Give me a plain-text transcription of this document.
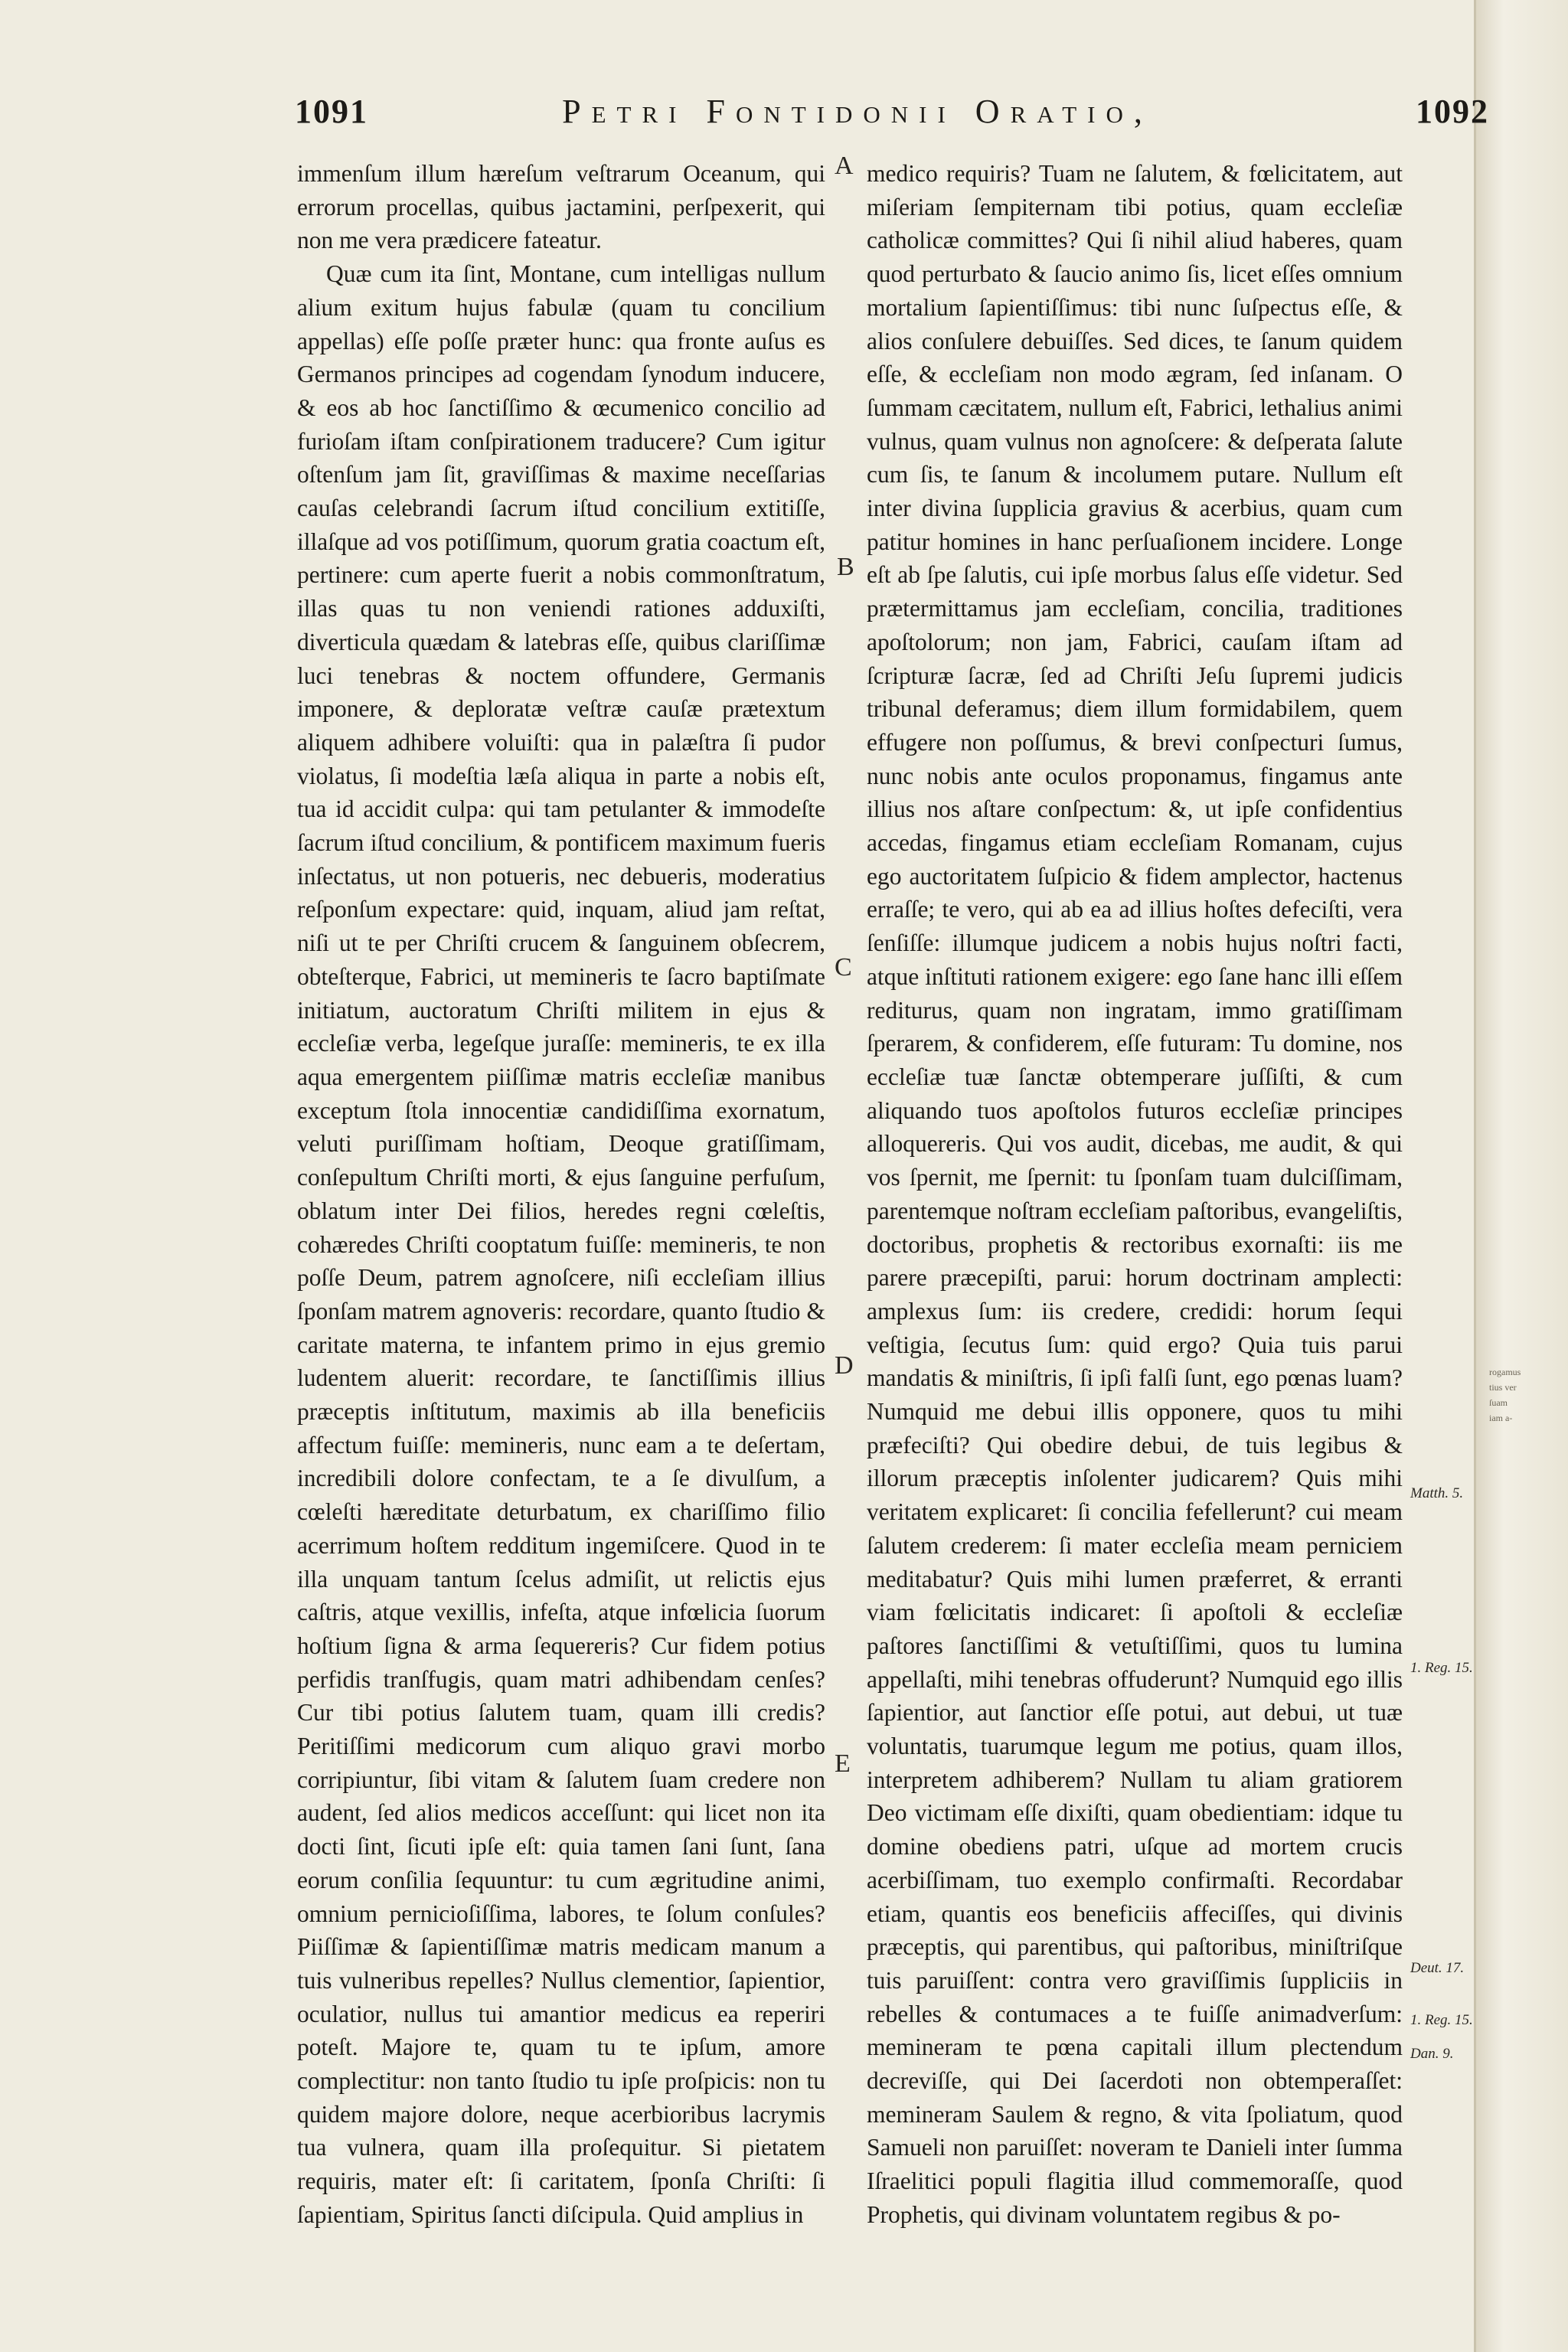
1091	Petri Fontidonii Oratio,	1092

immenſum illum hæreſum veſtrarum Oceanum, qui errorum procellas, quibus jactamini, perſpexerit, qui non me vera prædicere fateatur.

Quæ cum ita ſint, Montane, cum intelligas nullum alium exitum hujus fabulæ (quam tu concilium appellas) eſſe poſſe præter hunc: qua fronte auſus es Germanos principes ad cogendam ſynodum inducere, & eos ab hoc ſanctiſſimo & œcumenico concilio ad furioſam iſtam conſpirationem traducere? Cum igitur oſtenſum jam ſit, graviſſimas & maxime neceſſarias cauſas celebrandi ſacrum iſtud concilium extitiſſe, illaſque ad vos potiſſimum, quorum gratia coactum eſt, pertinere: cum aperte fuerit a nobis commonſtratum, illas quas tu non veniendi rationes adduxiſti, diverticula quædam & latebras eſſe, quibus clariſſimæ luci tenebras & noctem offundere, Germanis imponere, & deploratæ veſtræ cauſæ prætextum aliquem adhibere voluiſti: qua in palæſtra ſi pudor violatus, ſi modeſtia læſa aliqua in parte a nobis eſt, tua id accidit culpa: qui tam petulanter & immodeſte ſacrum iſtud concilium, & pontificem maximum fueris inſectatus, ut non potueris, nec debueris, moderatius reſponſum expectare: quid, inquam, aliud jam reſtat, niſi ut te per Chriſti crucem & ſanguinem obſecrem, obteſterque, Fabrici, ut memineris te ſacro baptiſmate initiatum, auctoratum Chriſti militem in ejus & eccleſiæ verba, legeſque juraſſe: memineris, te ex illa aqua emergentem piiſſimæ matris eccleſiæ manibus exceptum ſtola innocentiæ candidiſſima exornatum, veluti puriſſimam hoſtiam, Deoque gratiſſimam, conſepultum Chriſti morti, & ejus ſanguine perfuſum, oblatum inter Dei filios, heredes regni cœleſtis, cohæredes Chriſti cooptatum fuiſſe: memineris, te non poſſe Deum, patrem agnoſcere, niſi eccleſiam illius ſponſam matrem agnoveris: recordare, quanto ſtudio & caritate materna, te infantem primo in ejus gremio ludentem aluerit: recordare, te ſanctiſſimis illius præceptis inſtitutum, maximis ab illa beneficiis affectum fuiſſe: memineris, nunc eam a te deſertam, incredibili dolore confectam, te a ſe divulſum, a cœleſti hæreditate deturbatum, ex chariſſimo filio acerrimum hoſtem redditum ingemiſcere. Quod in te illa unquam tantum ſcelus admiſit, ut relictis ejus caſtris, atque vexillis, infeſta, atque infœlicia ſuorum hoſtium ſigna & arma ſequereris? Cur fidem potius perfidis tranſfugis, quam matri adhibendam cenſes? Cur tibi potius ſalutem tuam, quam illi credis? Peritiſſimi medicorum cum aliquo gravi morbo corripiuntur, ſibi vitam & ſalutem ſuam credere non audent, ſed alios medicos acceſſunt: qui licet non ita docti ſint, ſicuti ipſe eſt: quia tamen ſani ſunt, ſana eorum conſilia ſequuntur: tu cum ægritudine animi, omnium pernicioſiſſima, labores, te ſolum conſules? Piiſſimæ & ſapientiſſimæ matris medicam manum a tuis vulneribus repelles? Nullus clementior, ſapientior, oculatior, nullus tui amantior medicus ea reperiri poteſt. Majore te, quam tu te ipſum, amore complectitur: non tanto ſtudio tu ipſe proſpicis: non tu quidem majore dolore, neque acerbioribus lacrymis tua vulnera, quam illa proſequitur. Si pietatem requiris, mater eſt: ſi caritatem, ſponſa Chriſti: ſi ſapientiam, Spiritus ſancti diſcipula. Quid amplius in

medico requiris? Tuam ne ſalutem, & fœlicitatem, aut miſeriam ſempiternam tibi potius, quam eccleſiæ catholicæ committes? Qui ſi nihil aliud haberes, quam quod perturbato & ſaucio animo ſis, licet eſſes omnium mortalium ſapientiſſimus: tibi nunc ſuſpectus eſſe, & alios conſulere debuiſſes. Sed dices, te ſanum quidem eſſe, & eccleſiam non modo ægram, ſed inſanam. O ſummam cæcitatem, nullum eſt, Fabrici, lethalius animi vulnus, quam vulnus non agnoſcere: & deſperata ſalute cum ſis, te ſanum & incolumem putare. Nullum eſt inter divina ſupplicia gravius & acerbius, quam cum patitur homines in hanc perſuaſionem incidere. Longe eſt ab ſpe ſalutis, cui ipſe morbus ſalus eſſe videtur. Sed prætermittamus jam eccleſiam, concilia, traditiones apoſtolorum; non jam, Fabrici, cauſam iſtam ad ſcripturæ ſacræ, ſed ad Chriſti Jeſu ſupremi judicis tribunal deferamus; diem illum formidabilem, quem effugere non poſſumus, & brevi conſpecturi ſumus, nunc nobis ante oculos proponamus, fingamus ante illius nos aſtare conſpectum: &, ut ipſe confidentius accedas, fingamus etiam eccleſiam Romanam, cujus ego auctoritatem ſuſpicio & fidem amplector, hactenus erraſſe; te vero, qui ab ea ad illius hoſtes defeciſti, vera ſenſiſſe: illumque judicem a nobis hujus noſtri facti, atque inſtituti rationem exigere: ego ſane hanc illi eſſem rediturus, quam non ingratam, immo gratiſſimam ſperarem, & confiderem, eſſe futuram: Tu domine, nos eccleſiæ tuæ ſanctæ obtemperare juſſiſti, & cum aliquando tuos apoſtolos futuros eccleſiæ principes alloquereris. Qui vos audit, dicebas, me audit, & qui vos ſpernit, me ſpernit: tu ſponſam tuam dulciſſimam, parentemque noſtram eccleſiam paſtoribus, evangeliſtis, doctoribus, prophetis & rectoribus exornaſti: iis me parere præcepiſti, parui: horum doctrinam amplecti: amplexus ſum: iis credere, credidi: horum ſequi veſtigia, ſecutus ſum: quid ergo? Quia tuis parui mandatis & miniſtris, ſi ipſi falſi ſunt, ego pœnas luam? Numquid me debui illis opponere, quos tu mihi præfeciſti? Qui obedire debui, de tuis legibus & illorum præceptis inſolenter judicarem? Quis mihi veritatem explicaret: ſi concilia fefellerunt? cui meam ſalutem crederem: ſi mater eccleſia meam perniciem meditabatur? Quis mihi lumen præferret, & erranti viam fœlicitatis indicaret: ſi apoſtoli & eccleſiæ paſtores ſanctiſſimi & vetuſtiſſimi, quos tu lumina appellaſti, mihi tenebras offuderunt? Numquid ego illis ſapientior, aut ſanctior eſſe potui, aut debui, ut tuæ voluntatis, tuarumque legum me potius, quam illos, interpretem adhiberem? Nullam tu aliam gratiorem Deo victimam eſſe dixiſti, quam obedientiam: idque tu domine obediens patri, uſque ad mortem crucis acerbiſſimam, tuo exemplo confirmaſti. Recordabar etiam, quantis eos beneficiis affeciſſes, qui divinis præceptis, qui parentibus, qui paſtoribus, miniſtriſque tuis paruiſſent: contra vero graviſſimis ſuppliciis in rebelles & contumaces a te fuiſſe animadverſum: memineram te pœna capitali illum plectendum decreviſſe, qui Dei ſacerdoti non obtemperaſſet: memineram Saulem & regno, & vita ſpoliatum, quod Samueli non paruiſſet: noveram te Danieli inter ſumma Iſraelitici populi flagitia illud commemoraſſe, quod Prophetis, qui divinam voluntatem regibus & po-

A
B
C
D
E
Matth. 5.
1. Reg. 15.
Deut. 17.
1. Reg. 15.
Dan. 9.
rogamus
tius ver
ſuam
iam a-
